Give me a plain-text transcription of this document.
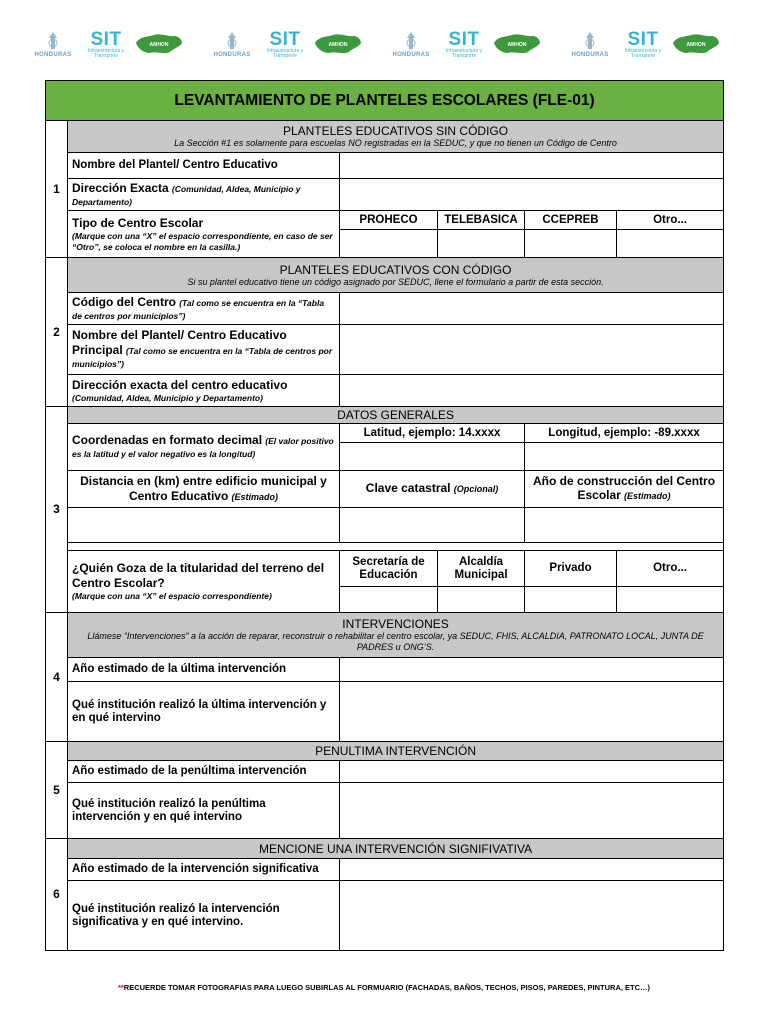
HONDURAS
SIT
Infraestructura y Transporte
AMHON
HONDURAS
SIT
Infraestructura y Transporte
AMHON
HONDURAS
SIT
Infraestructura y Transporte
AMHON
HONDURAS
SIT
Infraestructura y Transporte
AMHON
LEVANTAMIENTO DE PLANTELES ESCOLARES (FLE-01)					
1	PLANTELES EDUCATIVOS SIN CÓDIGO
La Sección #1 es solamente para escuelas NO registradas en la SEDUC, y que no tienen un Código de Centro				

	Nombre del Plantel/ Centro Educativo				
	Dirección Exacta (Comunidad, Aldea, Municipio y Departamento)				

	Tipo de Centro Escolar
(Marque con una “X” el espacio correspondiente, en caso de ser “Otro”, se coloca el nombre en la casilla.)	PROHECO	TELEBASICA	CCEPREB	Otro...

2	PLANTELES EDUCATIVOS CON CÓDIGO
Si su plantel educativo tiene un código asignado por SEDUC, llene el formulario a partir de esta sección.				

	Código del Centro (Tal como se encuentra en la “Tabla de centros por municipios”)				
	Nombre del Plantel/ Centro Educativo Principal (Tal como se encuentra en la “Tabla de centros por municipios”)				

	Dirección exacta del centro educativo
(Comunidad, Aldea, Municipio y Departamento)				

3	DATOS GENERALES				

	Coordenadas en formato decimal (El valor positivo es la latitud y el valor negativo es la longitud)	Latitud, ejemplo: 14.xxxx		Longitud, ejemplo: -89.xxxx	

	Distancia en (km) entre edificio municipal y Centro Educativo (Estimado)	Clave catastral (Opcional)		Año de construcción del Centro Escolar (Estimado)	

	¿Quién Goza de la titularidad del terreno del Centro Escolar?
(Marque con una “X” el espacio correspondiente)	Secretaría de Educación	Alcaldía Municipal	Privado	Otro...

4	INTERVENCIONES
Llámese “Intervenciones” a la acción de reparar, reconstruir o rehabilitar el centro escolar, ya SEDUC, FHIS, ALCALDIA, PATRONATO LOCAL, JUNTA DE PADRES u ONG’S.				

	Año estimado de la última intervención				
	Qué institución realizó la última intervención y en qué intervino				
5	PENULTIMA INTERVENCIÓN				

	Año estimado de la penúltima intervención				
	Qué institución realizó la penúltima intervención y en qué intervino				
6	MENCIONE UNA INTERVENCIÓN SIGNIFIVATIVA				

	Año estimado de la intervención significativa				
	Qué institución realizó la intervención significativa y en qué intervino.				
**RECUERDE TOMAR FOTOGRAFIAS PARA LUEGO SUBIRLAS AL FORMUARIO (FACHADAS, BAÑOS, TECHOS, PISOS, PAREDES, PINTURA, ETC…)
